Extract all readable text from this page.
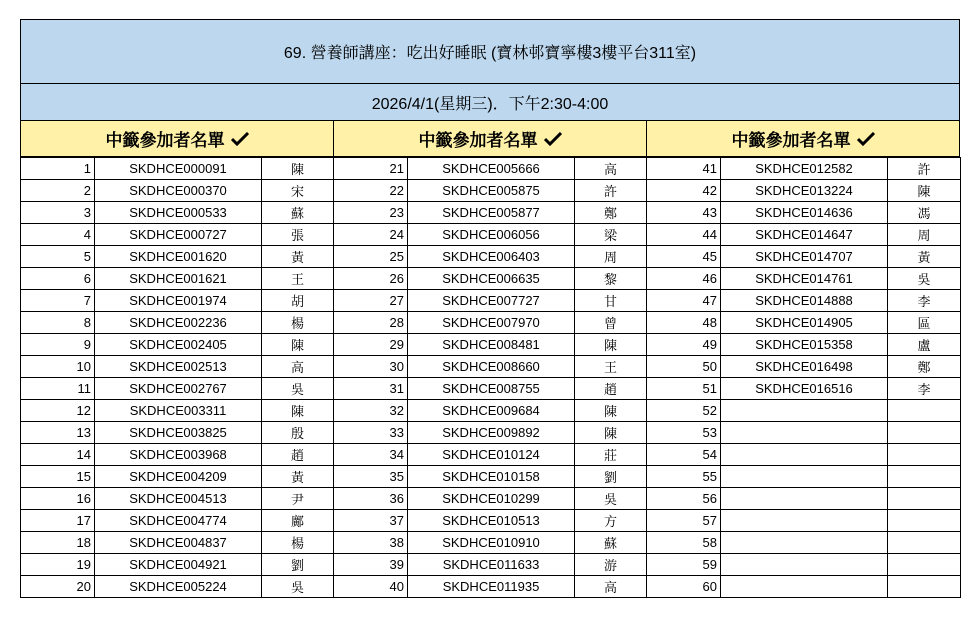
69. 營養師講座：吃出好睡眠 (寶林邨寶寧樓3樓平台311室)
2026/4/1(星期三)．下午2:30-4:00
中籤參加者名單	中籤參加者名單	中籤參加者名單
1	SKDHCE000091	陳	21	SKDHCE005666	高	41	SKDHCE012582	許
2	SKDHCE000370	宋	22	SKDHCE005875	許	42	SKDHCE013224	陳
3	SKDHCE000533	蘇	23	SKDHCE005877	鄭	43	SKDHCE014636	馮
4	SKDHCE000727	張	24	SKDHCE006056	梁	44	SKDHCE014647	周
5	SKDHCE001620	黃	25	SKDHCE006403	周	45	SKDHCE014707	黃
6	SKDHCE001621	王	26	SKDHCE006635	黎	46	SKDHCE014761	吳
7	SKDHCE001974	胡	27	SKDHCE007727	甘	47	SKDHCE014888	李
8	SKDHCE002236	楊	28	SKDHCE007970	曾	48	SKDHCE014905	區
9	SKDHCE002405	陳	29	SKDHCE008481	陳	49	SKDHCE015358	盧
10	SKDHCE002513	高	30	SKDHCE008660	王	50	SKDHCE016498	鄭
11	SKDHCE002767	吳	31	SKDHCE008755	趙	51	SKDHCE016516	李
12	SKDHCE003311	陳	32	SKDHCE009684	陳	52		
13	SKDHCE003825	殷	33	SKDHCE009892	陳	53		
14	SKDHCE003968	趙	34	SKDHCE010124	莊	54		
15	SKDHCE004209	黃	35	SKDHCE010158	劉	55		
16	SKDHCE004513	尹	36	SKDHCE010299	吳	56		
17	SKDHCE004774	鄺	37	SKDHCE010513	方	57		
18	SKDHCE004837	楊	38	SKDHCE010910	蘇	58		
19	SKDHCE004921	劉	39	SKDHCE011633	游	59		
20	SKDHCE005224	吳	40	SKDHCE011935	高	60		
